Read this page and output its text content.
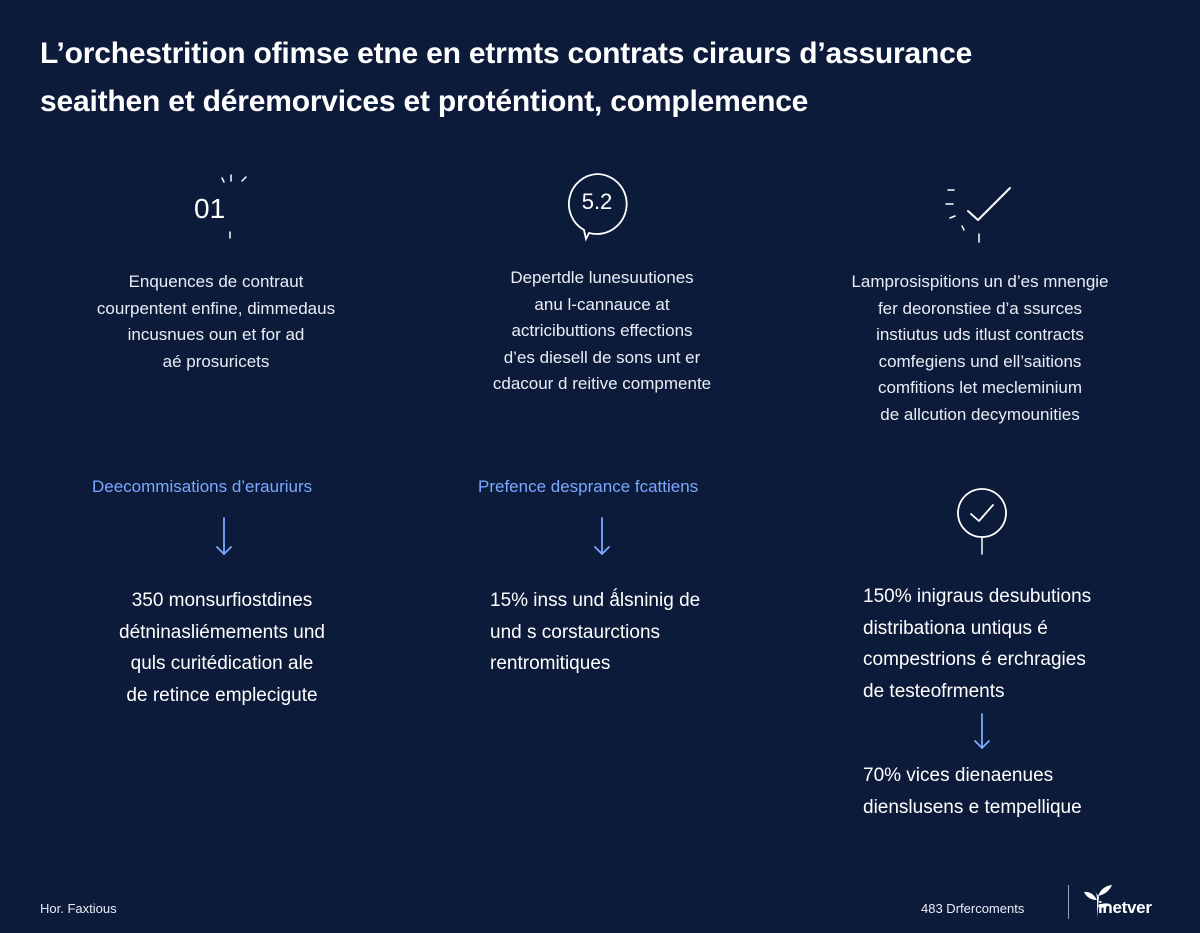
L’orchestrition ofimse etne en etrmts contrats ciraurs d’assurance
seaithen et déremorvices et proténtiont, complemence
01
Enquences de contraut
courpentent enfine, dimmedaus
incusnues oun et for ad
aé prosuricets
Deecommisations d’erauriurs
350 monsurfiostdines
détninasliémements und
quls curitédication ale
de retince emplecigute
5.2
Depertdle lunesuutiones
anu l-cannauce at
actricibuttions effections
d’es diesell de sons unt er
cdacour d reitive compmente
Prefence desprance fcattiens
15% inss und ǻlsninig de
und s corstaurctions
rentromitiques
Lamprosispitions un d’es mnengie
fer deoronstiee d’a ssurces
instiutus uds itlust contracts
comfegiens und ell’saitions
comfitions let mecleminium
de allcution decymounities
150% inigraus desubutions
distribationa untiqus é
compestrions é erchragies
de testeofrments
70% vices dienaenues
dienslusens e tempellique
Hor. Faxtious	483 Drfercoments	inetver
